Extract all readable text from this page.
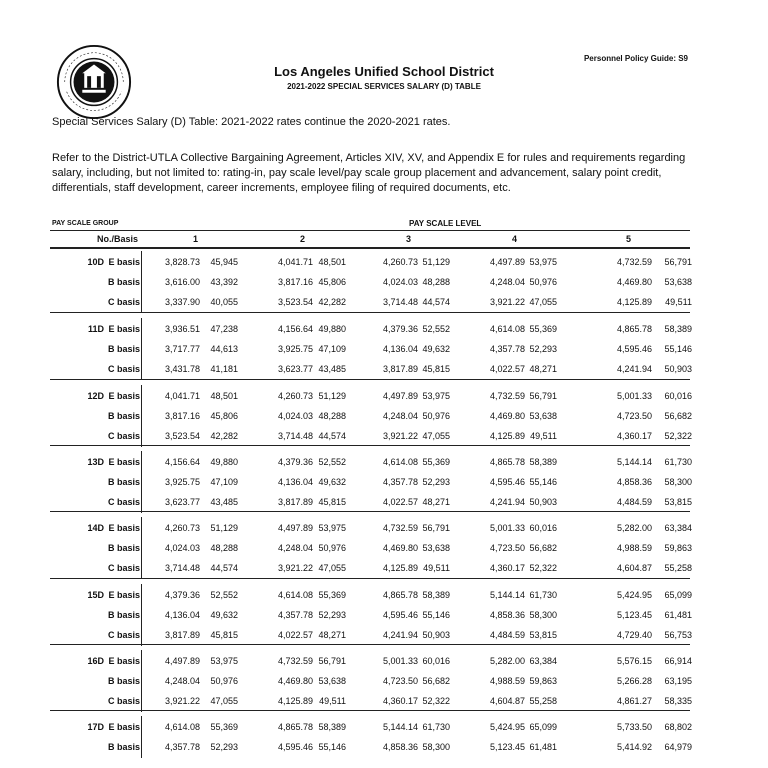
Personnel Policy Guide: S9
Los Angeles Unified School District
2021-2022 SPECIAL SERVICES SALARY (D) TABLE
Special Services Salary (D) Table: 2021-2022 rates continue the 2020-2021 rates.
Refer to the District-UTLA Collective Bargaining Agreement, Articles XIV, XV, and Appendix E for rules and requirements regarding salary, including, but not limited to: rating-in, pay scale level/pay scale group placement and advancement, salary point credit, differentials, staff development, career increments, employee filing of required documents, etc.
PAY SCALE GROUP	PAY SCALE LEVEL
No./Basis	1	2	3	4	5
10D E basis	3,828.73 45,945	4,041.71 48,501	4,260.73 51,129	4,497.89 53,975	4,732.59 56,791
B basis	3,616.00 43,392	3,817.16 45,806	4,024.03 48,288	4,248.04 50,976	4,469.80 53,638
C basis	3,337.90 40,055	3,523.54 42,282	3,714.48 44,574	3,921.22 47,055	4,125.89 49,511
11D E basis	3,936.51 47,238	4,156.64 49,880	4,379.36 52,552	4,614.08 55,369	4,865.78 58,389
B basis	3,717.77 44,613	3,925.75 47,109	4,136.04 49,632	4,357.78 52,293	4,595.46 55,146
C basis	3,431.78 41,181	3,623.77 43,485	3,817.89 45,815	4,022.57 48,271	4,241.94 50,903
12D E basis	4,041.71 48,501	4,260.73 51,129	4,497.89 53,975	4,732.59 56,791	5,001.33 60,016
B basis	3,817.16 45,806	4,024.03 48,288	4,248.04 50,976	4,469.80 53,638	4,723.50 56,682
C basis	3,523.54 42,282	3,714.48 44,574	3,921.22 47,055	4,125.89 49,511	4,360.17 52,322
13D E basis	4,156.64 49,880	4,379.36 52,552	4,614.08 55,369	4,865.78 58,389	5,144.14 61,730
B basis	3,925.75 47,109	4,136.04 49,632	4,357.78 52,293	4,595.46 55,146	4,858.36 58,300
C basis	3,623.77 43,485	3,817.89 45,815	4,022.57 48,271	4,241.94 50,903	4,484.59 53,815
14D E basis	4,260.73 51,129	4,497.89 53,975	4,732.59 56,791	5,001.33 60,016	5,282.00 63,384
B basis	4,024.03 48,288	4,248.04 50,976	4,469.80 53,638	4,723.50 56,682	4,988.59 59,863
C basis	3,714.48 44,574	3,921.22 47,055	4,125.89 49,511	4,360.17 52,322	4,604.87 55,258
15D E basis	4,379.36 52,552	4,614.08 55,369	4,865.78 58,389	5,144.14 61,730	5,424.95 65,099
B basis	4,136.04 49,632	4,357.78 52,293	4,595.46 55,146	4,858.36 58,300	5,123.45 61,481
C basis	3,817.89 45,815	4,022.57 48,271	4,241.94 50,903	4,484.59 53,815	4,729.40 56,753
16D E basis	4,497.89 53,975	4,732.59 56,791	5,001.33 60,016	5,282.00 63,384	5,576.15 66,914
B basis	4,248.04 50,976	4,469.80 53,638	4,723.50 56,682	4,988.59 59,863	5,266.28 63,195
C basis	3,921.22 47,055	4,125.89 49,511	4,360.17 52,322	4,604.87 55,258	4,861.27 58,335
17D E basis	4,614.08 55,369	4,865.78 58,389	5,144.14 61,730	5,424.95 65,099	5,733.50 68,802
B basis	4,357.78 52,293	4,595.46 55,146	4,858.36 58,300	5,123.45 61,481	5,414.92 64,979
